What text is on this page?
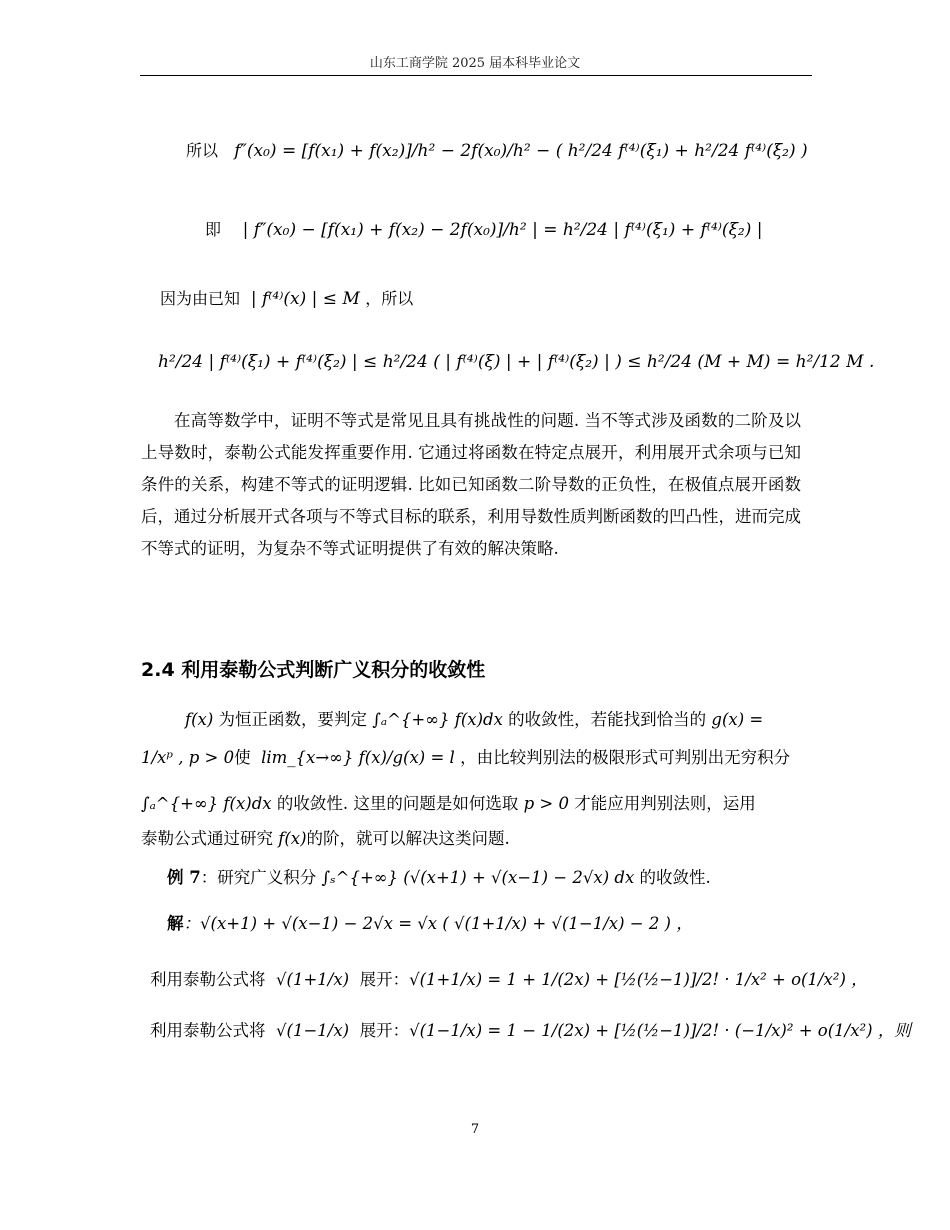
山东工商学院 2025 届本科毕业论文
所以 f″(x₀) = [f(x₁) + f(x₂)]/h² − 2f(x₀)/h² − ( h²/24 f⁽⁴⁾(ξ₁) + h²/24 f⁽⁴⁾(ξ₂) )
即 | f″(x₀) − [f(x₁) + f(x₂) − 2f(x₀)]/h² | = h²/24 | f⁽⁴⁾(ξ₁) + f⁽⁴⁾(ξ₂) |
因为由已知 | f⁽⁴⁾(x) | ≤ M ，所以
h²/24 | f⁽⁴⁾(ξ₁) + f⁽⁴⁾(ξ₂) | ≤ h²/24 ( | f⁽⁴⁾(ξ) | + | f⁽⁴⁾(ξ₂) | ) ≤ h²/24 (M + M) = h²/12 M .
在高等数学中，证明不等式是常见且具有挑战性的问题. 当不等式涉及函数的二阶及以上导数时，泰勒公式能发挥重要作用. 它通过将函数在特定点展开，利用展开式余项与已知条件的关系，构建不等式的证明逻辑. 比如已知函数二阶导数的正负性，在极值点展开函数后，通过分析展开式各项与不等式目标的联系，利用导数性质判断函数的凹凸性，进而完成不等式的证明，为复杂不等式证明提供了有效的解决策略.
2.4 利用泰勒公式判断广义积分的收敛性
f(x) 为恒正函数，要判定 ∫ₐ^{+∞} f(x)dx 的收敛性，若能找到恰当的 g(x) =
1/xᵖ , p > 0使 lim_{x→∞} f(x)/g(x) = l ，由比较判别法的极限形式可判别出无穷积分
∫ₐ^{+∞} f(x)dx 的收敛性. 这里的问题是如何选取 p > 0 才能应用判别法则，运用
泰勒公式通过研究 f(x)的阶，就可以解决这类问题.
例 7：研究广义积分 ∫ₛ^{+∞} (√(x+1) + √(x−1) − 2√x) dx 的收敛性.
解：√(x+1) + √(x−1) − 2√x = √x ( √(1+1/x) + √(1−1/x) − 2 ) ，
利用泰勒公式将 √(1+1/x) 展开：√(1+1/x) = 1 + 1/(2x) + [½(½−1)]/2! · 1/x² + o(1/x²) ，
利用泰勒公式将 √(1−1/x) 展开：√(1−1/x) = 1 − 1/(2x) + [½(½−1)]/2! · (−1/x)² + o(1/x²) ，则
7
